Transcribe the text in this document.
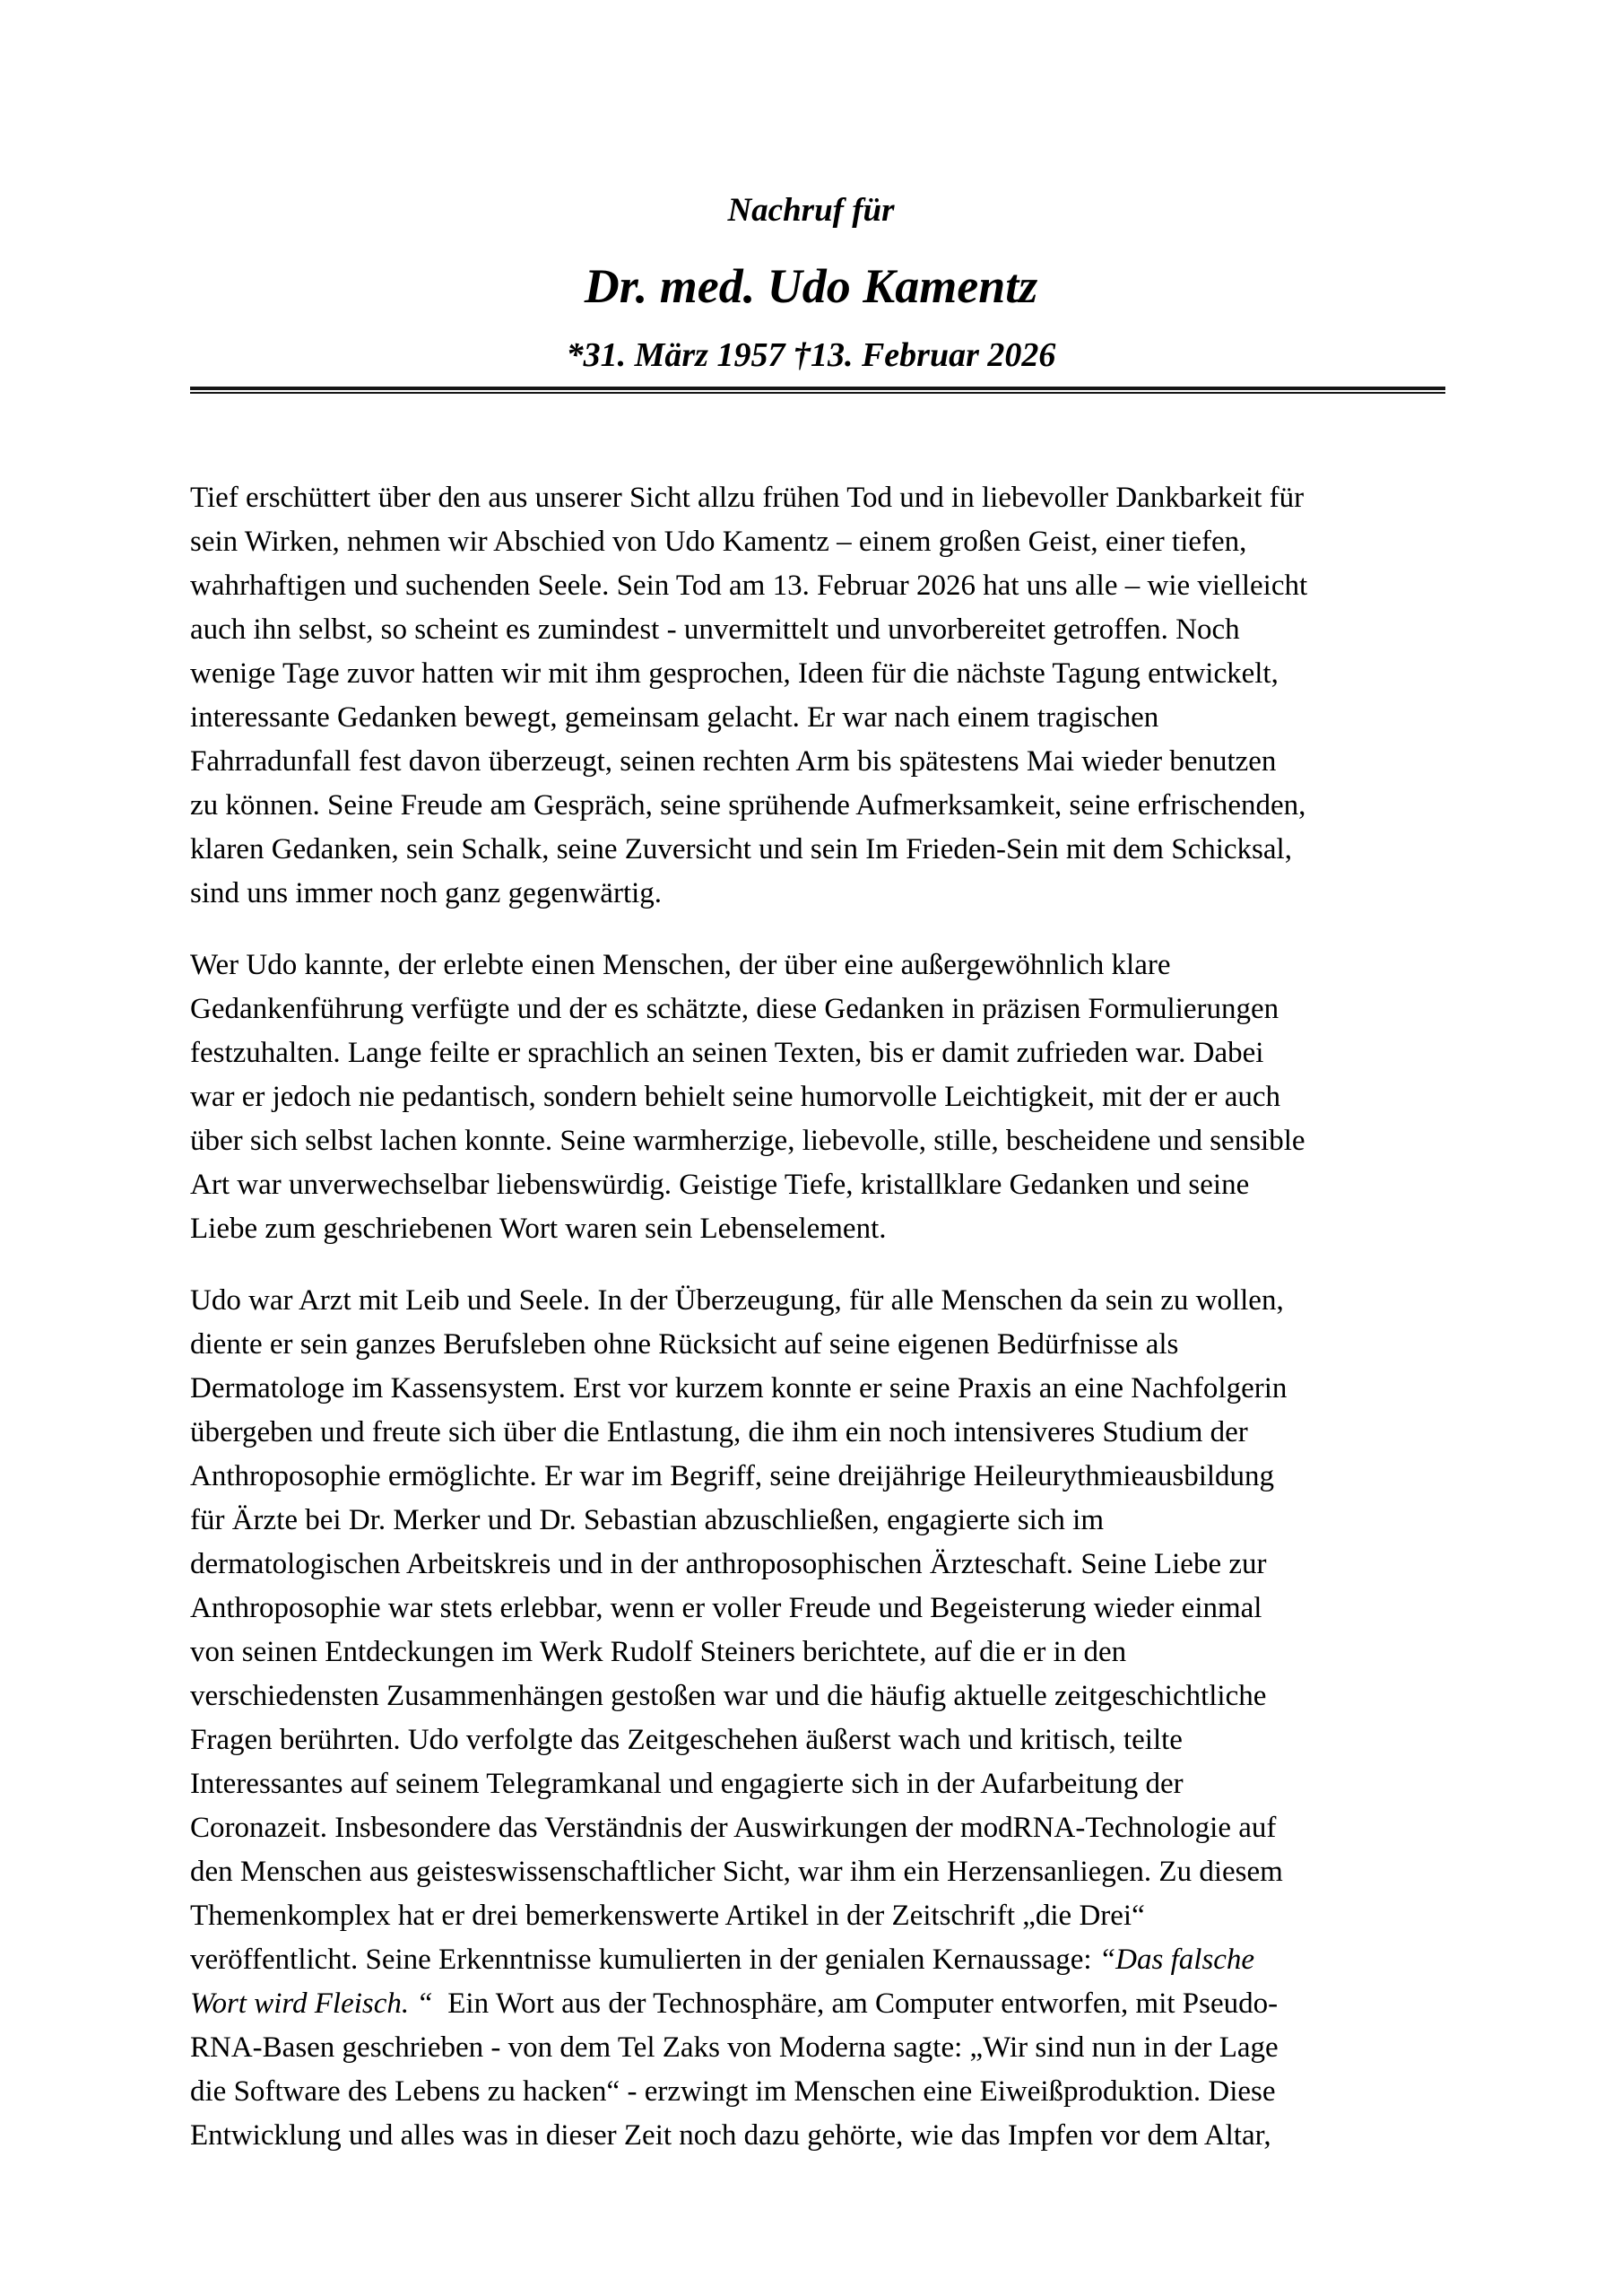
Nachruf für
Dr. med. Udo Kamentz
*31. März 1957 †13. Februar 2026

Tief erschüttert über den aus unserer Sicht allzu frühen Tod und in liebevoller Dankbarkeit für
sein Wirken, nehmen wir Abschied von Udo Kamentz – einem großen Geist, einer tiefen,
wahrhaftigen und suchenden Seele. Sein Tod am 13. Februar 2026 hat uns alle – wie vielleicht
auch ihn selbst, so scheint es zumindest - unvermittelt und unvorbereitet getroffen. Noch
wenige Tage zuvor hatten wir mit ihm gesprochen, Ideen für die nächste Tagung entwickelt,
interessante Gedanken bewegt, gemeinsam gelacht. Er war nach einem tragischen
Fahrradunfall fest davon überzeugt, seinen rechten Arm bis spätestens Mai wieder benutzen
zu können. Seine Freude am Gespräch, seine sprühende Aufmerksamkeit, seine erfrischenden,
klaren Gedanken, sein Schalk, seine Zuversicht und sein Im Frieden-Sein mit dem Schicksal,
sind uns immer noch ganz gegenwärtig.

Wer Udo kannte, der erlebte einen Menschen, der über eine außergewöhnlich klare
Gedankenführung verfügte und der es schätzte, diese Gedanken in präzisen Formulierungen
festzuhalten. Lange feilte er sprachlich an seinen Texten, bis er damit zufrieden war. Dabei
war er jedoch nie pedantisch, sondern behielt seine humorvolle Leichtigkeit, mit der er auch
über sich selbst lachen konnte. Seine warmherzige, liebevolle, stille, bescheidene und sensible
Art war unverwechselbar liebenswürdig. Geistige Tiefe, kristallklare Gedanken und seine
Liebe zum geschriebenen Wort waren sein Lebenselement.

Udo war Arzt mit Leib und Seele. In der Überzeugung, für alle Menschen da sein zu wollen,
diente er sein ganzes Berufsleben ohne Rücksicht auf seine eigenen Bedürfnisse als
Dermatologe im Kassensystem. Erst vor kurzem konnte er seine Praxis an eine Nachfolgerin
übergeben und freute sich über die Entlastung, die ihm ein noch intensiveres Studium der
Anthroposophie ermöglichte. Er war im Begriff, seine dreijährige Heileurythmieausbildung
für Ärzte bei Dr. Merker und Dr. Sebastian abzuschließen, engagierte sich im
dermatologischen Arbeitskreis und in der anthroposophischen Ärzteschaft. Seine Liebe zur
Anthroposophie war stets erlebbar, wenn er voller Freude und Begeisterung wieder einmal
von seinen Entdeckungen im Werk Rudolf Steiners berichtete, auf die er in den
verschiedensten Zusammenhängen gestoßen war und die häufig aktuelle zeitgeschichtliche
Fragen berührten. Udo verfolgte das Zeitgeschehen äußerst wach und kritisch, teilte
Interessantes auf seinem Telegramkanal und engagierte sich in der Aufarbeitung der
Coronazeit. Insbesondere das Verständnis der Auswirkungen der modRNA-Technologie auf
den Menschen aus geisteswissenschaftlicher Sicht, war ihm ein Herzensanliegen. Zu diesem
Themenkomplex hat er drei bemerkenswerte Artikel in der Zeitschrift „die Drei“
veröffentlicht. Seine Erkenntnisse kumulierten in der genialen Kernaussage: “Das falsche
Wort wird Fleisch. “  Ein Wort aus der Technosphäre, am Computer entworfen, mit Pseudo-
RNA-Basen geschrieben - von dem Tel Zaks von Moderna sagte: „Wir sind nun in der Lage
die Software des Lebens zu hacken“ - erzwingt im Menschen eine Eiweißproduktion. Diese
Entwicklung und alles was in dieser Zeit noch dazu gehörte, wie das Impfen vor dem Altar,
